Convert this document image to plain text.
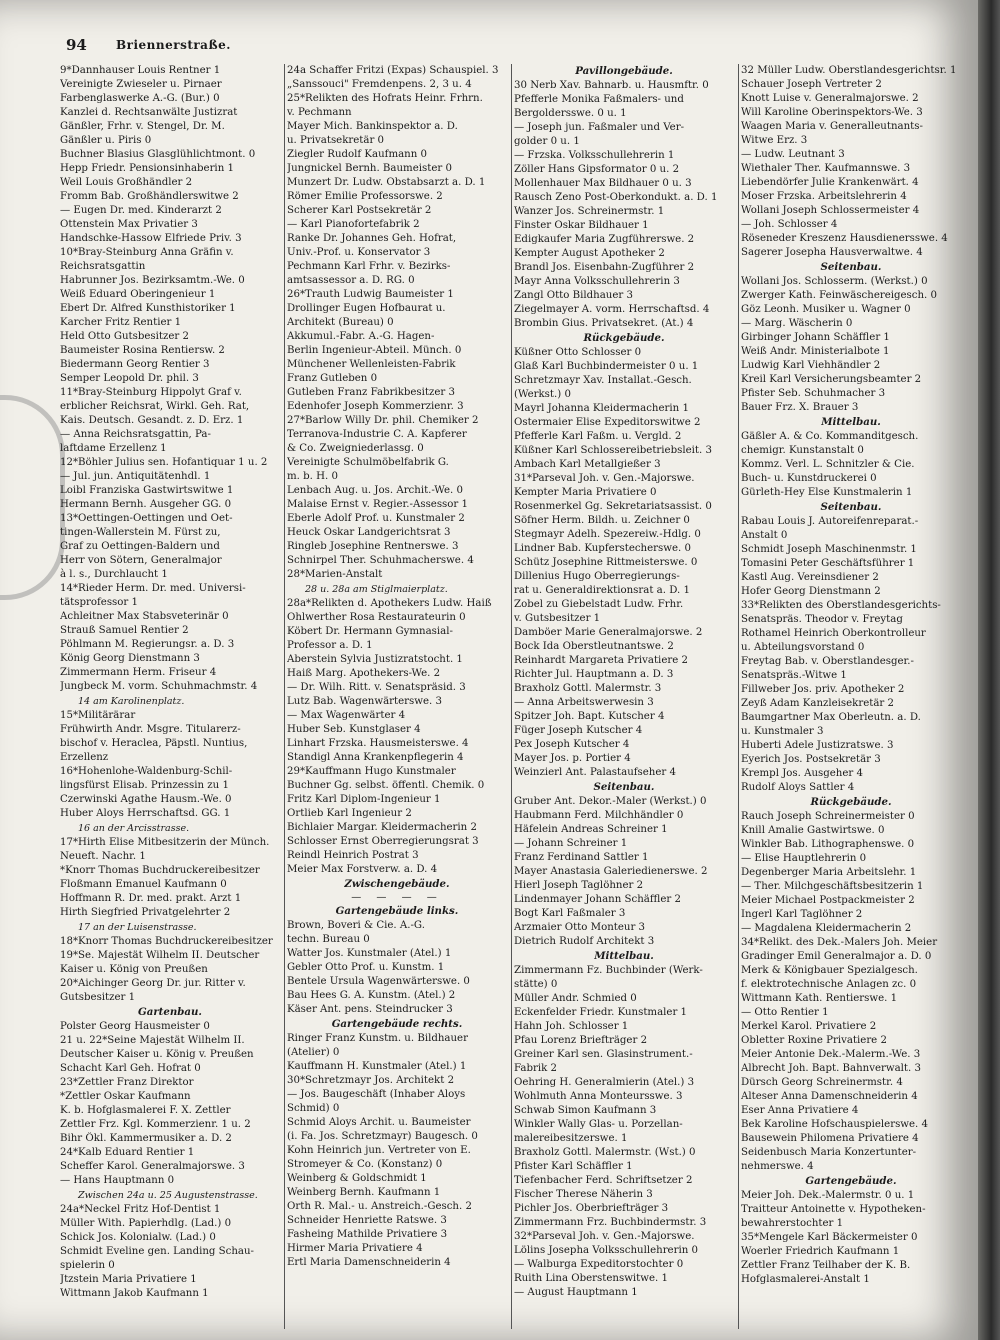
94 Briennerstraße.
9*Dannhauser Louis Rentner 1
Vereinigte Zwieseler u. Pirnaer
Farbenglaswerke A.-G. (Bur.) 0
Kanzlei d. Rechtsanwälte Justizrat
Gänßler, Frhr. v. Stengel, Dr. M.
Gänßler u. Piris 0
Buchner Blasius Glasglühlichtmont. 0
Hepp Friedr. Pensionsinhaberin 1
Weil Louis Großhändler 2
Fromm Bab. Großhändlerswitwe 2
— Eugen Dr. med. Kinderarzt 2
Ottenstein Max Privatier 3
Handschke-Hassow Elfriede Priv. 3
10*Bray-Steinburg Anna Gräfin v.
Reichsratsgattin
Habrunner Jos. Bezirksamtm.-We. 0
Weiß Eduard Oberingenieur 1
Ebert Dr. Alfred Kunsthistoriker 1
Karcher Fritz Rentier 1
Held Otto Gutsbesitzer 2
Baumeister Rosina Rentiersw. 2
Biedermann Georg Rentier 3
Semper Leopold Dr. phil. 3
11*Bray-Steinburg Hippolyt Graf v.
erblicher Reichsrat, Wirkl. Geh. Rat,
Kais. Deutsch. Gesandt. z. D. Erz. 1
— Anna Reichsratsgattin, Pa-
laftdame Erzellenz 1
12*Böhler Julius sen. Hofantiquar 1 u. 2
— Jul. jun. Antiquitätenhdl. 1
Loibl Franziska Gastwirtswitwe 1
Hermann Bernh. Ausgeher GG. 0
13*Oettingen-Oettingen und Oet-
tingen-Wallerstein M. Fürst zu,
Graf zu Oettingen-Baldern und
Herr von Sötern, Generalmajor
à l. s., Durchlaucht 1
14*Rieder Herm. Dr. med. Universi-
tätsprofessor 1
Achleitner Max Stabsveterinär 0
Strauß Samuel Rentier 2
Pöhlmann M. Regierungsr. a. D. 3
König Georg Dienstmann 3
Zimmermann Herm. Friseur 4
Jungbeck M. vorm. Schuhmachmstr. 4
14 am Karolinenplatz.
15*Militärärar
Frühwirth Andr. Msgre. Titularerz-
bischof v. Heraclea, Päpstl. Nuntius,
Erzellenz
16*Hohenlohe-Waldenburg-Schil-
lingsfürst Elisab. Prinzessin zu 1
Czerwinski Agathe Hausm.-We. 0
Huber Aloys Herrschaftsd. GG. 1
16 an der Arcisstrasse.
17*Hirth Elise Mitbesitzerin der Münch.
Neueft. Nachr. 1
*Knorr Thomas Buchdruckereibesitzer
Floßmann Emanuel Kaufmann 0
Hoffmann R. Dr. med. prakt. Arzt 1
Hirth Siegfried Privatgelehrter 2
17 an der Luisenstrasse.
18*Knorr Thomas Buchdruckereibesitzer
19*Se. Majestät Wilhelm II. Deutscher
Kaiser u. König von Preußen
20*Aichinger Georg Dr. jur. Ritter v.
Gutsbesitzer 1
Gartenbau.
Polster Georg Hausmeister 0
21 u. 22*Seine Majestät Wilhelm II.
Deutscher Kaiser u. König v. Preußen
Schacht Karl Geh. Hofrat 0
23*Zettler Franz Direktor
*Zettler Oskar Kaufmann
K. b. Hofglasmalerei F. X. Zettler
Zettler Frz. Kgl. Kommerzienr. 1 u. 2
Bihr Ökl. Kammermusiker a. D. 2
24*Kalb Eduard Rentier 1
Scheffer Karol. Generalmajorswe. 3
— Hans Hauptmann 0
Zwischen 24a u. 25 Augustenstrasse.
24a*Neckel Fritz Hof-Dentist 1
Müller With. Papierhdlg. (Lad.) 0
Schick Jos. Kolonialw. (Lad.) 0
Schmidt Eveline gen. Landing Schau-
spielerin 0
Jtzstein Maria Privatiere 1
Wittmann Jakob Kaufmann 1
24a Schaffer Fritzi (Expas) Schauspiel. 3
„Sanssouci" Fremdenpens. 2, 3 u. 4
25*Relikten des Hofrats Heinr. Frhrn.
v. Pechmann
Mayer Mich. Bankinspektor a. D.
u. Privatsekretär 0
Ziegler Rudolf Kaufmann 0
Jungnickel Bernh. Baumeister 0
Munzert Dr. Ludw. Obstabsarzt a. D. 1
Römer Emilie Professorswe. 2
Scherer Karl Postsekretär 2
— Karl Pianofortefabrik 2
Ranke Dr. Johannes Geh. Hofrat,
Univ.-Prof. u. Konservator 3
Pechmann Karl Frhr. v. Bezirks-
amtsassessor a. D. RG. 0
26*Trauth Ludwig Baumeister 1
Drollinger Eugen Hofbaurat u.
Architekt (Bureau) 0
Akkumul.-Fabr. A.-G. Hagen-
Berlin Ingenieur-Abteil. Münch. 0
Münchener Wellenleisten-Fabrik
Franz Gutleben 0
Gutleben Franz Fabrikbesitzer 3
Edenhofer Joseph Kommerzienr. 3
27*Barlow Willy Dr. phil. Chemiker 2
Terranova-Industrie C. A. Kapferer
& Co. Zweigniederlassg. 0
Vereinigte Schulmöbelfabrik G.
m. b. H. 0
Lenbach Aug. u. Jos. Archit.-We. 0
Malaise Ernst v. Regier.-Assessor 1
Eberle Adolf Prof. u. Kunstmaler 2
Heuck Oskar Landgerichtsrat 3
Ringleb Josephine Rentnerswe. 3
Schnirpel Ther. Schuhmacherswe. 4
28*Marien-Anstalt
28 u. 28a am Stiglmaierplatz.
28a*Relikten d. Apothekers Ludw. Haiß
Ohlwerther Rosa Restaurateurin 0
Köbert Dr. Hermann Gymnasial-
Professor a. D. 1
Aberstein Sylvia Justizratstocht. 1
Haiß Marg. Apothekers-We. 2
— Dr. Wilh. Ritt. v. Senatspräsid. 3
Lutz Bab. Wagenwärterswe. 3
— Max Wagenwärter 4
Huber Seb. Kunstglaser 4
Linhart Frzska. Hausmeisterswe. 4
Standigl Anna Krankenpflegerin 4
29*Kauffmann Hugo Kunstmaler
Buchner Gg. selbst. öffentl. Chemik. 0
Fritz Karl Diplom-Ingenieur 1
Ortlieb Karl Ingenieur 2
Bichlaier Margar. Kleidermacherin 2
Schlosser Ernst Oberregierungsrat 3
Reindl Heinrich Postrat 3
Meier Max Forstverw. a. D. 4
Zwischengebäude.
— — — —
Gartengebäude links.
Brown, Boveri & Cie. A.-G.
techn. Bureau 0
Watter Jos. Kunstmaler (Atel.) 1
Gebler Otto Prof. u. Kunstm. 1
Bentele Ursula Wagenwärterswe. 0
Bau Hees G. A. Kunstm. (Atel.) 2
Käser Ant. pens. Steindrucker 3
Gartengebäude rechts.
Ringer Franz Kunstm. u. Bildhauer
(Atelier) 0
Kauffmann H. Kunstmaler (Atel.) 1
30*Schretzmayr Jos. Architekt 2
— Jos. Baugeschäft (Inhaber Aloys
Schmid) 0
Schmid Aloys Archit. u. Baumeister
(i. Fa. Jos. Schretzmayr) Baugesch. 0
Kohn Heinrich jun. Vertreter von E.
Stromeyer & Co. (Konstanz) 0
Weinberg & Goldschmidt 1
Weinberg Bernh. Kaufmann 1
Orth R. Mal.- u. Anstreich.-Gesch. 2
Schneider Henriette Ratswe. 3
Fasheing Mathilde Privatiere 3
Hirmer Maria Privatiere 4
Ertl Maria Damenschneiderin 4
Pavillongebäude.
30 Nerb Xav. Bahnarb. u. Hausmftr. 0
Pfefferle Monika Faßmalers- und
Bergoldersswe. 0 u. 1
— Joseph jun. Faßmaler und Ver-
golder 0 u. 1
— Frzska. Volksschullehrerin 1
Zöller Hans Gipsformator 0 u. 2
Mollenhauer Max Bildhauer 0 u. 3
Rausch Zeno Post-Oberkondukt. a. D. 1
Wanzer Jos. Schreinermstr. 1
Finster Oskar Bildhauer 1
Edigkaufer Maria Zugführerswe. 2
Kempter August Apotheker 2
Brandl Jos. Eisenbahn-Zugführer 2
Mayr Anna Volksschullehrerin 3
Zangl Otto Bildhauer 3
Ziegelmayer A. vorm. Herrschaftsd. 4
Brombin Gius. Privatsekret. (At.) 4
Rückgebäude.
Küßner Otto Schlosser 0
Glaß Karl Buchbindermeister 0 u. 1
Schretzmayr Xav. Installat.-Gesch.
(Werkst.) 0
Mayrl Johanna Kleidermacherin 1
Ostermaier Elise Expeditorswitwe 2
Pfefferle Karl Faßm. u. Vergld. 2
Küßner Karl Schlossereibetriebsleit. 3
Ambach Karl Metallgießer 3
31*Parseval Joh. v. Gen.-Majorswe.
Kempter Maria Privatiere 0
Rosenmerkel Gg. Sekretariatsassist. 0
Söfner Herm. Bildh. u. Zeichner 0
Stegmayr Adelh. Spezereiw.-Hdlg. 0
Lindner Bab. Kupferstecherswe. 0
Schütz Josephine Rittmeisterswe. 0
Dillenius Hugo Oberregierungs-
rat u. Generaldirektionsrat a. D. 1
Zobel zu Giebelstadt Ludw. Frhr.
v. Gutsbesitzer 1
Damböer Marie Generalmajorswe. 2
Bock Ida Oberstleutnantswe. 2
Reinhardt Margareta Privatiere 2
Richter Jul. Hauptmann a. D. 3
Braxholz Gottl. Malermstr. 3
— Anna Arbeitswerwesin 3
Spitzer Joh. Bapt. Kutscher 4
Füger Joseph Kutscher 4
Pex Joseph Kutscher 4
Mayer Jos. p. Portier 4
Weinzierl Ant. Palastaufseher 4
Seitenbau.
Gruber Ant. Dekor.-Maler (Werkst.) 0
Haubmann Ferd. Milchhändler 0
Häfelein Andreas Schreiner 1
— Johann Schreiner 1
Franz Ferdinand Sattler 1
Mayer Anastasia Galeriedienerswe. 2
Hierl Joseph Taglöhner 2
Lindenmayer Johann Schäffler 2
Bogt Karl Faßmaler 3
Arzmaier Otto Monteur 3
Dietrich Rudolf Architekt 3
Mittelbau.
Zimmermann Fz. Buchbinder (Werk-
stätte) 0
Müller Andr. Schmied 0
Eckenfelder Friedr. Kunstmaler 1
Hahn Joh. Schlosser 1
Pfau Lorenz Briefträger 2
Greiner Karl sen. Glasinstrument.-
Fabrik 2
Oehring H. Generalmierin (Atel.) 3
Wohlmuth Anna Monteursswe. 3
Schwab Simon Kaufmann 3
Winkler Wally Glas- u. Porzellan-
malereibesitzerswe. 1
Braxholz Gottl. Malermstr. (Wst.) 0
Pfister Karl Schäffler 1
Tiefenbacher Ferd. Schriftsetzer 2
Fischer Therese Näherin 3
Pichler Jos. Oberbriefträger 3
Zimmermann Frz. Buchbindermstr. 3
32*Parseval Joh. v. Gen.-Majorswe.
Lölins Josepha Volksschullehrerin 0
— Walburga Expeditorstochter 0
Ruith Lina Oberstenswitwe. 1
— August Hauptmann 1
32 Müller Ludw. Oberstlandesgerichtsr. 1
Schauer Joseph Vertreter 2
Knott Luise v. Generalmajorswe. 2
Will Karoline Oberinspektors-We. 3
Waagen Maria v. Generalleutnants-
Witwe Erz. 3
— Ludw. Leutnant 3
Wiethaler Ther. Kaufmannswe. 3
Liebendörfer Julie Krankenwärt. 4
Moser Frzska. Arbeitslehrerin 4
Wollani Joseph Schlossermeister 4
— Joh. Schlosser 4
Röseneder Kreszenz Hausdienersswe. 4
Sagerer Josepha Hausverwaltwe. 4
Seitenbau.
Wollani Jos. Schlosserm. (Werkst.) 0
Zwerger Kath. Feinwäschereigesch. 0
Göz Leonh. Musiker u. Wagner 0
— Marg. Wäscherin 0
Girbinger Johann Schäffler 1
Weiß Andr. Ministerialbote 1
Ludwig Karl Viehhändler 2
Kreil Karl Versicherungsbeamter 2
Pfister Seb. Schuhmacher 3
Bauer Frz. X. Brauer 3
Mittelbau.
Gäßler A. & Co. Kommanditgesch.
chemigr. Kunstanstalt 0
Kommz. Verl. L. Schnitzler & Cie.
Buch- u. Kunstdruckerei 0
Gürleth-Hey Else Kunstmalerin 1
Seitenbau.
Rabau Louis J. Autoreifenreparat.-
Anstalt 0
Schmidt Joseph Maschinenmstr. 1
Tomasini Peter Geschäftsführer 1
Kastl Aug. Vereinsdiener 2
Hofer Georg Dienstmann 2
33*Relikten des Oberstlandesgerichts-
Senatspräs. Theodor v. Freytag
Rothamel Heinrich Oberkontrolleur
u. Abteilungsvorstand 0
Freytag Bab. v. Oberstlandesger.-
Senatspräs.-Witwe 1
Fillweber Jos. priv. Apotheker 2
Zeyß Adam Kanzleisekretär 2
Baumgartner Max Oberleutn. a. D.
u. Kunstmaler 3
Huberti Adele Justizratswe. 3
Eyerich Jos. Postsekretär 3
Krempl Jos. Ausgeher 4
Rudolf Aloys Sattler 4
Rückgebäude.
Rauch Joseph Schreinermeister 0
Knill Amalie Gastwirtswe. 0
Winkler Bab. Lithographenswe. 0
— Elise Hauptlehrerin 0
Degenberger Maria Arbeitslehr. 1
— Ther. Milchgeschäftsbesitzerin 1
Meier Michael Postpackmeister 2
Ingerl Karl Taglöhner 2
— Magdalena Kleidermacherin 2
34*Relikt. des Dek.-Malers Joh. Meier
Gradinger Emil Generalmajor a. D. 0
Merk & Königbauer Spezialgesch.
f. elektrotechnische Anlagen zc. 0
Wittmann Kath. Rentierswe. 1
— Otto Rentier 1
Merkel Karol. Privatiere 2
Obletter Roxine Privatiere 2
Meier Antonie Dek.-Malerm.-We. 3
Albrecht Joh. Bapt. Bahnverwalt. 3
Dürsch Georg Schreinermstr. 4
Alteser Anna Damenschneiderin 4
Eser Anna Privatiere 4
Bek Karoline Hofschauspielerswe. 4
Bausewein Philomena Privatiere 4
Seidenbusch Maria Konzertunter-
nehmerswe. 4
Gartengebäude.
Meier Joh. Dek.-Malermstr. 0 u. 1
Traitteur Antoinette v. Hypotheken-
bewahrerstochter 1
35*Mengele Karl Bäckermeister 0
Woerler Friedrich Kaufmann 1
Zettler Franz Teilhaber der K. B.
Hofglasmalerei-Anstalt 1
